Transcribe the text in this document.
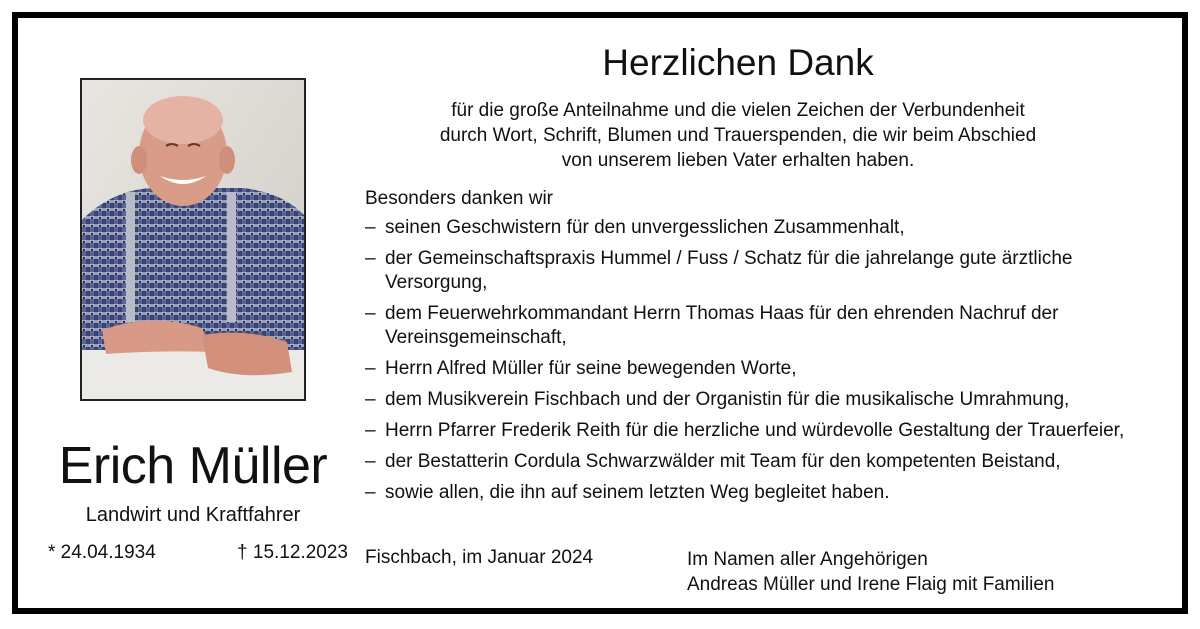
Erich Müller
Landwirt und Kraftfahrer
* 24.04.1934	† 15.12.2023
Herzlichen Dank
für die große Anteilnahme und die vielen Zeichen der Verbundenheit
durch Wort, Schrift, Blumen und Trauerspenden, die wir beim Abschied
von unserem lieben Vater erhalten haben.
Besonders danken wir
– seinen Geschwistern für den unvergesslichen Zusammenhalt,
– der Gemeinschaftspraxis Hummel / Fuss / Schatz für die jahrelange gute ärztliche Versorgung,
– dem Feuerwehrkommandant Herrn Thomas Haas für den ehrenden Nachruf der Vereinsgemeinschaft,
– Herrn Alfred Müller für seine bewegenden Worte,
– dem Musikverein Fischbach und der Organistin für die musikalische Umrahmung,
– Herrn Pfarrer Frederik Reith für die herzliche und würdevolle Gestaltung der Trauerfeier,
– der Bestatterin Cordula Schwarzwälder mit Team für den kompetenten Beistand,
– sowie allen, die ihn auf seinem letzten Weg begleitet haben.
Fischbach, im Januar 2024	Im Namen aller Angehörigen
Andreas Müller und Irene Flaig mit Familien
